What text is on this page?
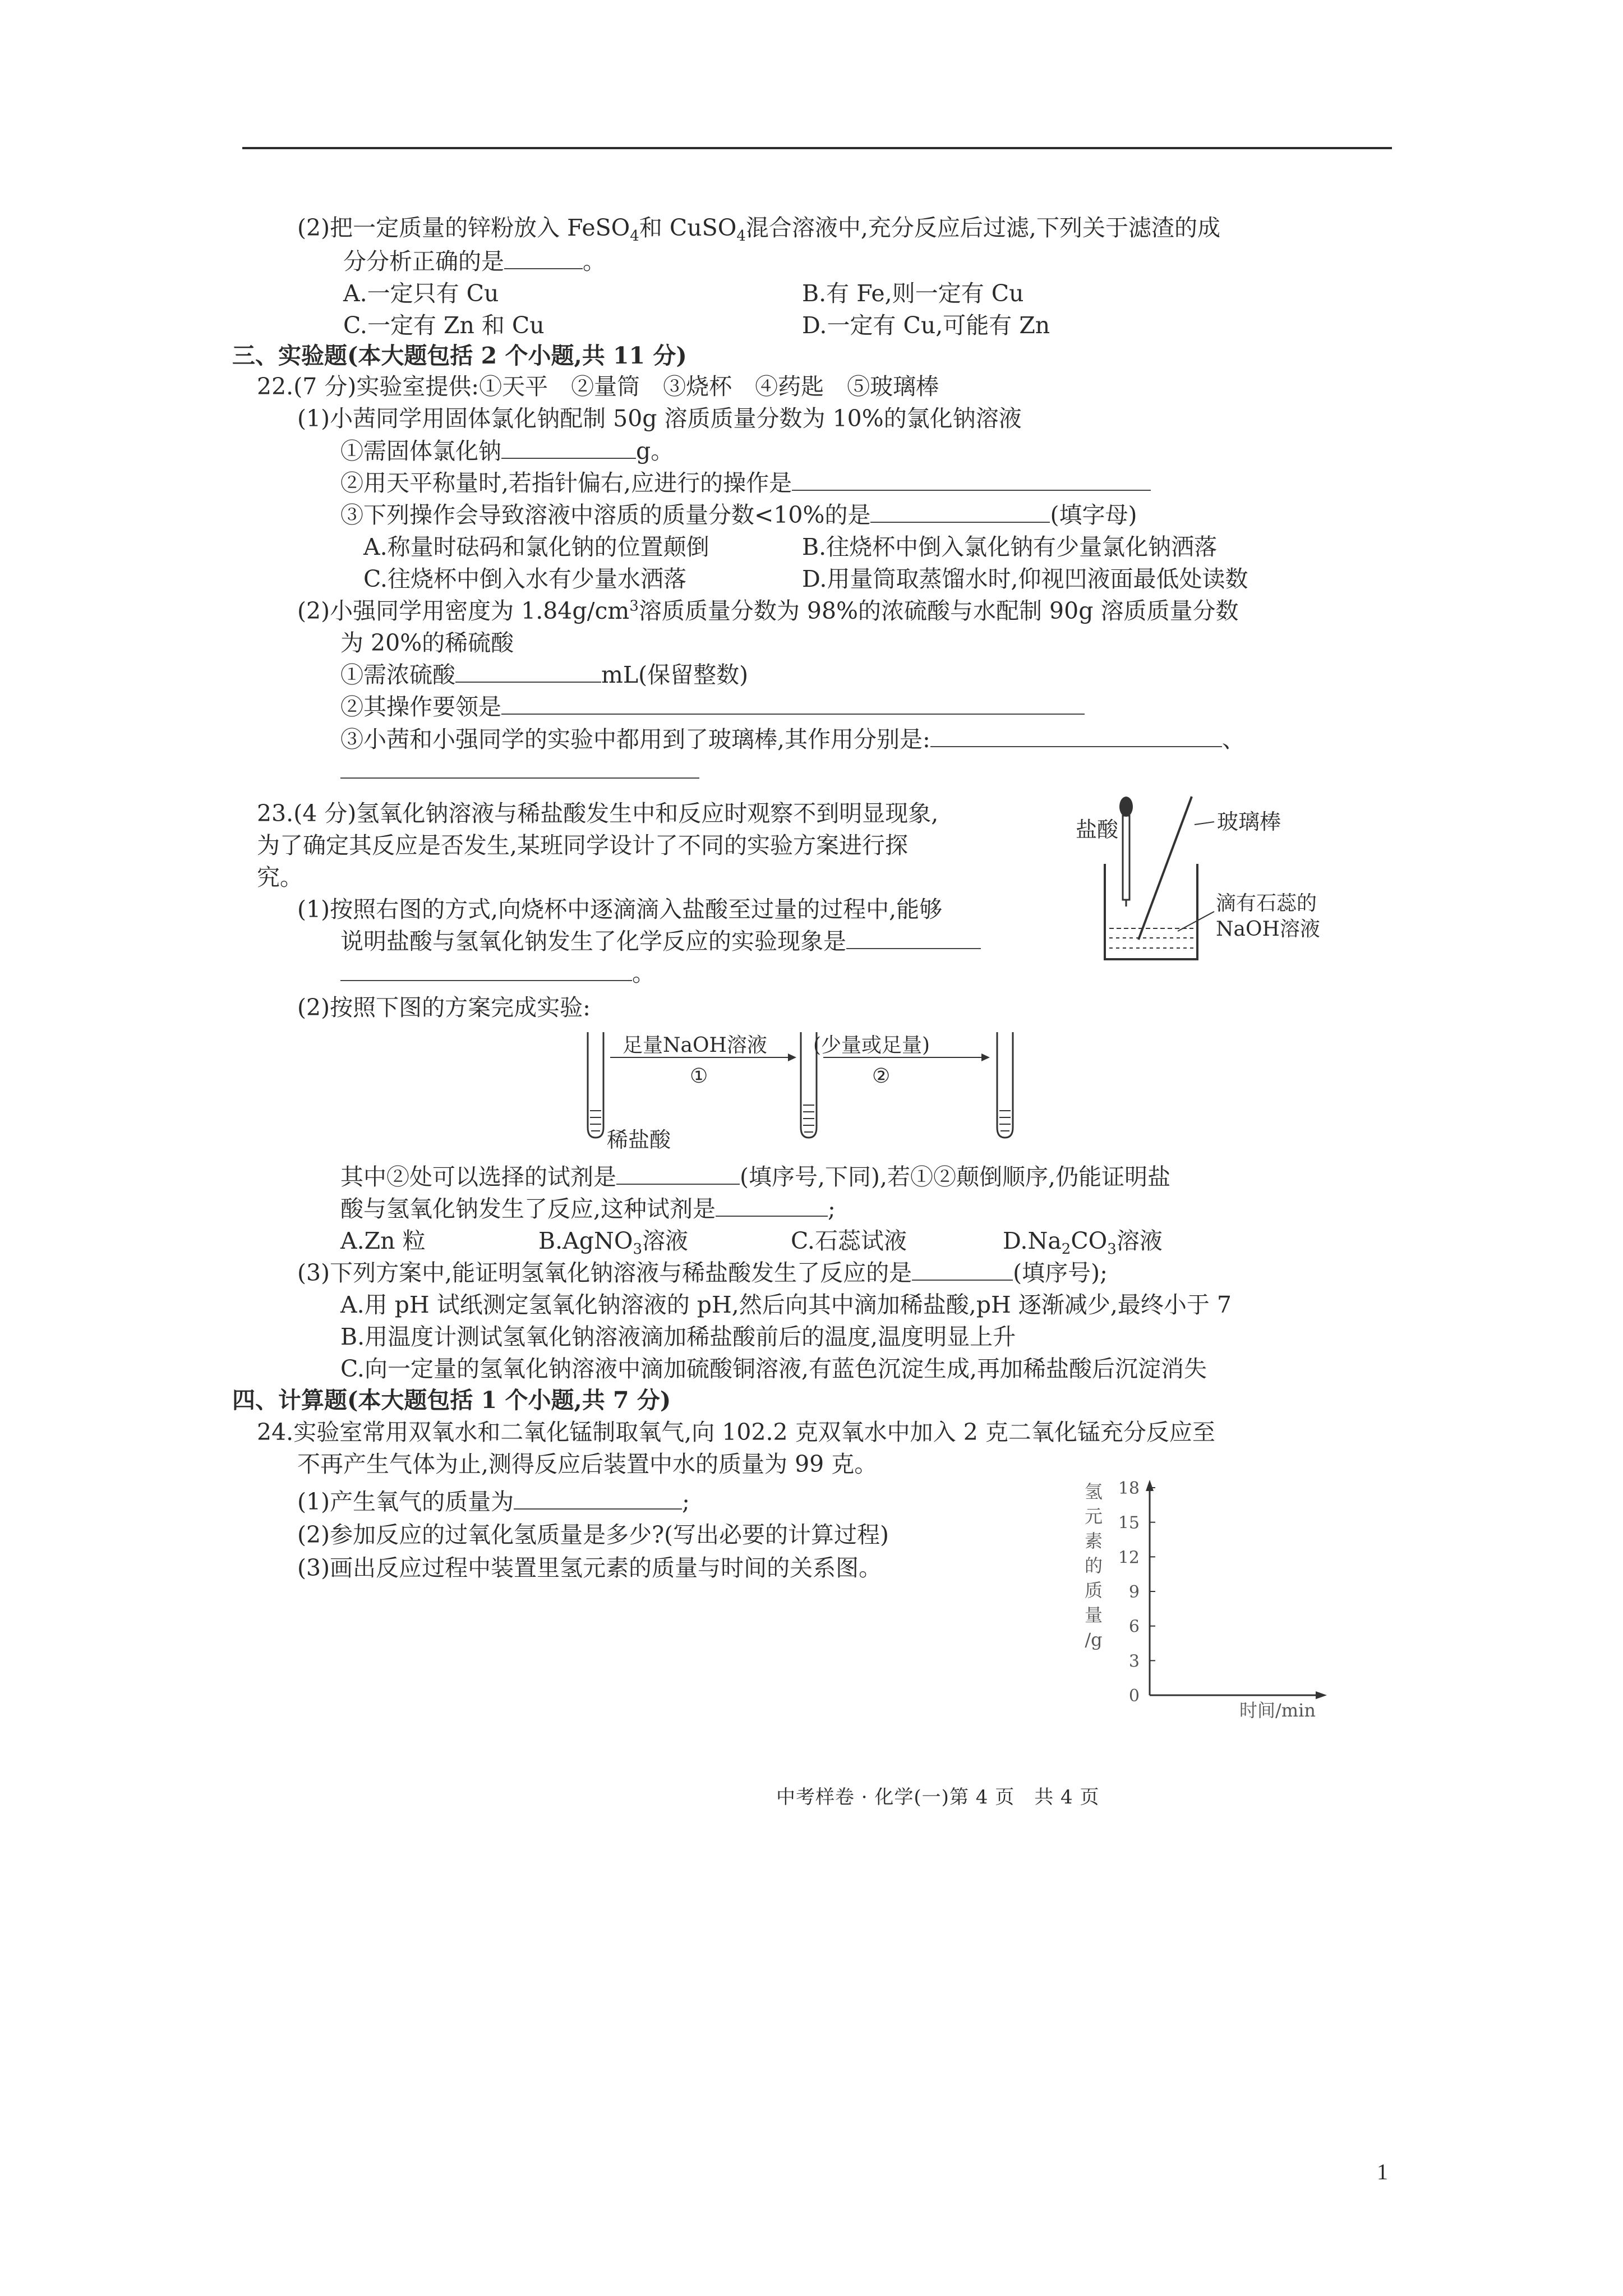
(2)把一定质量的锌粉放入 FeSO$_4$和 CuSO$_4$混合溶液中,充分反应后过滤,下列关于滤渣的成
分分析正确的是	。
A.一定只有 Cu	B.有 Fe,则一定有 Cu
C.一定有 Zn 和 Cu	D.一定有 Cu,可能有 Zn
三、实验题(本大题包括 2 个小题,共 11 分)
22.(7 分)实验室提供:①天平　②量筒　③烧杯　④药匙　⑤玻璃棒
(1)小茜同学用固体氯化钠配制 50g 溶质质量分数为 10%的氯化钠溶液
①需固体氯化钠	g。
②用天平称量时,若指针偏右,应进行的操作是
③下列操作会导致溶液中溶质的质量分数<10%的是	(填字母)
A.称量时砝码和氯化钠的位置颠倒	B.往烧杯中倒入氯化钠有少量氯化钠洒落
C.往烧杯中倒入水有少量水洒落	D.用量筒取蒸馏水时,仰视凹液面最低处读数
(2)小强同学用密度为 $1.84g/cm^3$溶质质量分数为 98%的浓硫酸与水配制 90g 溶质质量分数
为 20%的稀硫酸
①需浓硫酸	mL(保留整数)
②其操作要领是
③小茜和小强同学的实验中都用到了玻璃棒,其作用分别是:	、
23.(4 分)氢氧化钠溶液与稀盐酸发生中和反应时观察不到明显现象,
为了确定其反应是否发生,某班同学设计了不同的实验方案进行探
究。
(1)按照右图的方式,向烧杯中逐滴滴入盐酸至过量的过程中,能够
说明盐酸与氢氧化钠发生了化学反应的实验现象是
。
盐酸	玻璃棒
滴有石蕊的
NaOH溶液
(2)按照下图的方案完成实验:
足量NaOH溶液
①
(少量或足量)
②
稀盐酸
其中②处可以选择的试剂是	(填序号,下同),若①②颠倒顺序,仍能证明盐
酸与氢氧化钠发生了反应,这种试剂是	;
A.Zn 粒	B.AgNO$_3$溶液	C.石蕊试液	$D.Na_2CO_3$溶液
(3)下列方案中,能证明氢氧化钠溶液与稀盐酸发生了反应的是	(填序号);
A.用 pH 试纸测定氢氧化钠溶液的 pH,然后向其中滴加稀盐酸,pH 逐渐减少,最终小于 7
B.用温度计测试氢氧化钠溶液滴加稀盐酸前后的温度,温度明显上升
C.向一定量的氢氧化钠溶液中滴加硫酸铜溶液,有蓝色沉淀生成,再加稀盐酸后沉淀消失
四、计算题(本大题包括 1 个小题,共 7 分)
24.实验室常用双氧水和二氧化锰制取氧气,向 102.2 克双氧水中加入 2 克二氧化锰充分反应至
不再产生气体为止,测得反应后装置中水的质量为 99 克。
(1)产生氧气的质量为	;
(2)参加反应的过氧化氢质量是多少?(写出必要的计算过程)
(3)画出反应过程中装置里氢元素的质量与时间的关系图。
18
15
12
9
6
3
0
氢
元
素
的
质
量
/g
时间/min
中考样卷 · 化学(一)第 4 页　共 4 页
1
